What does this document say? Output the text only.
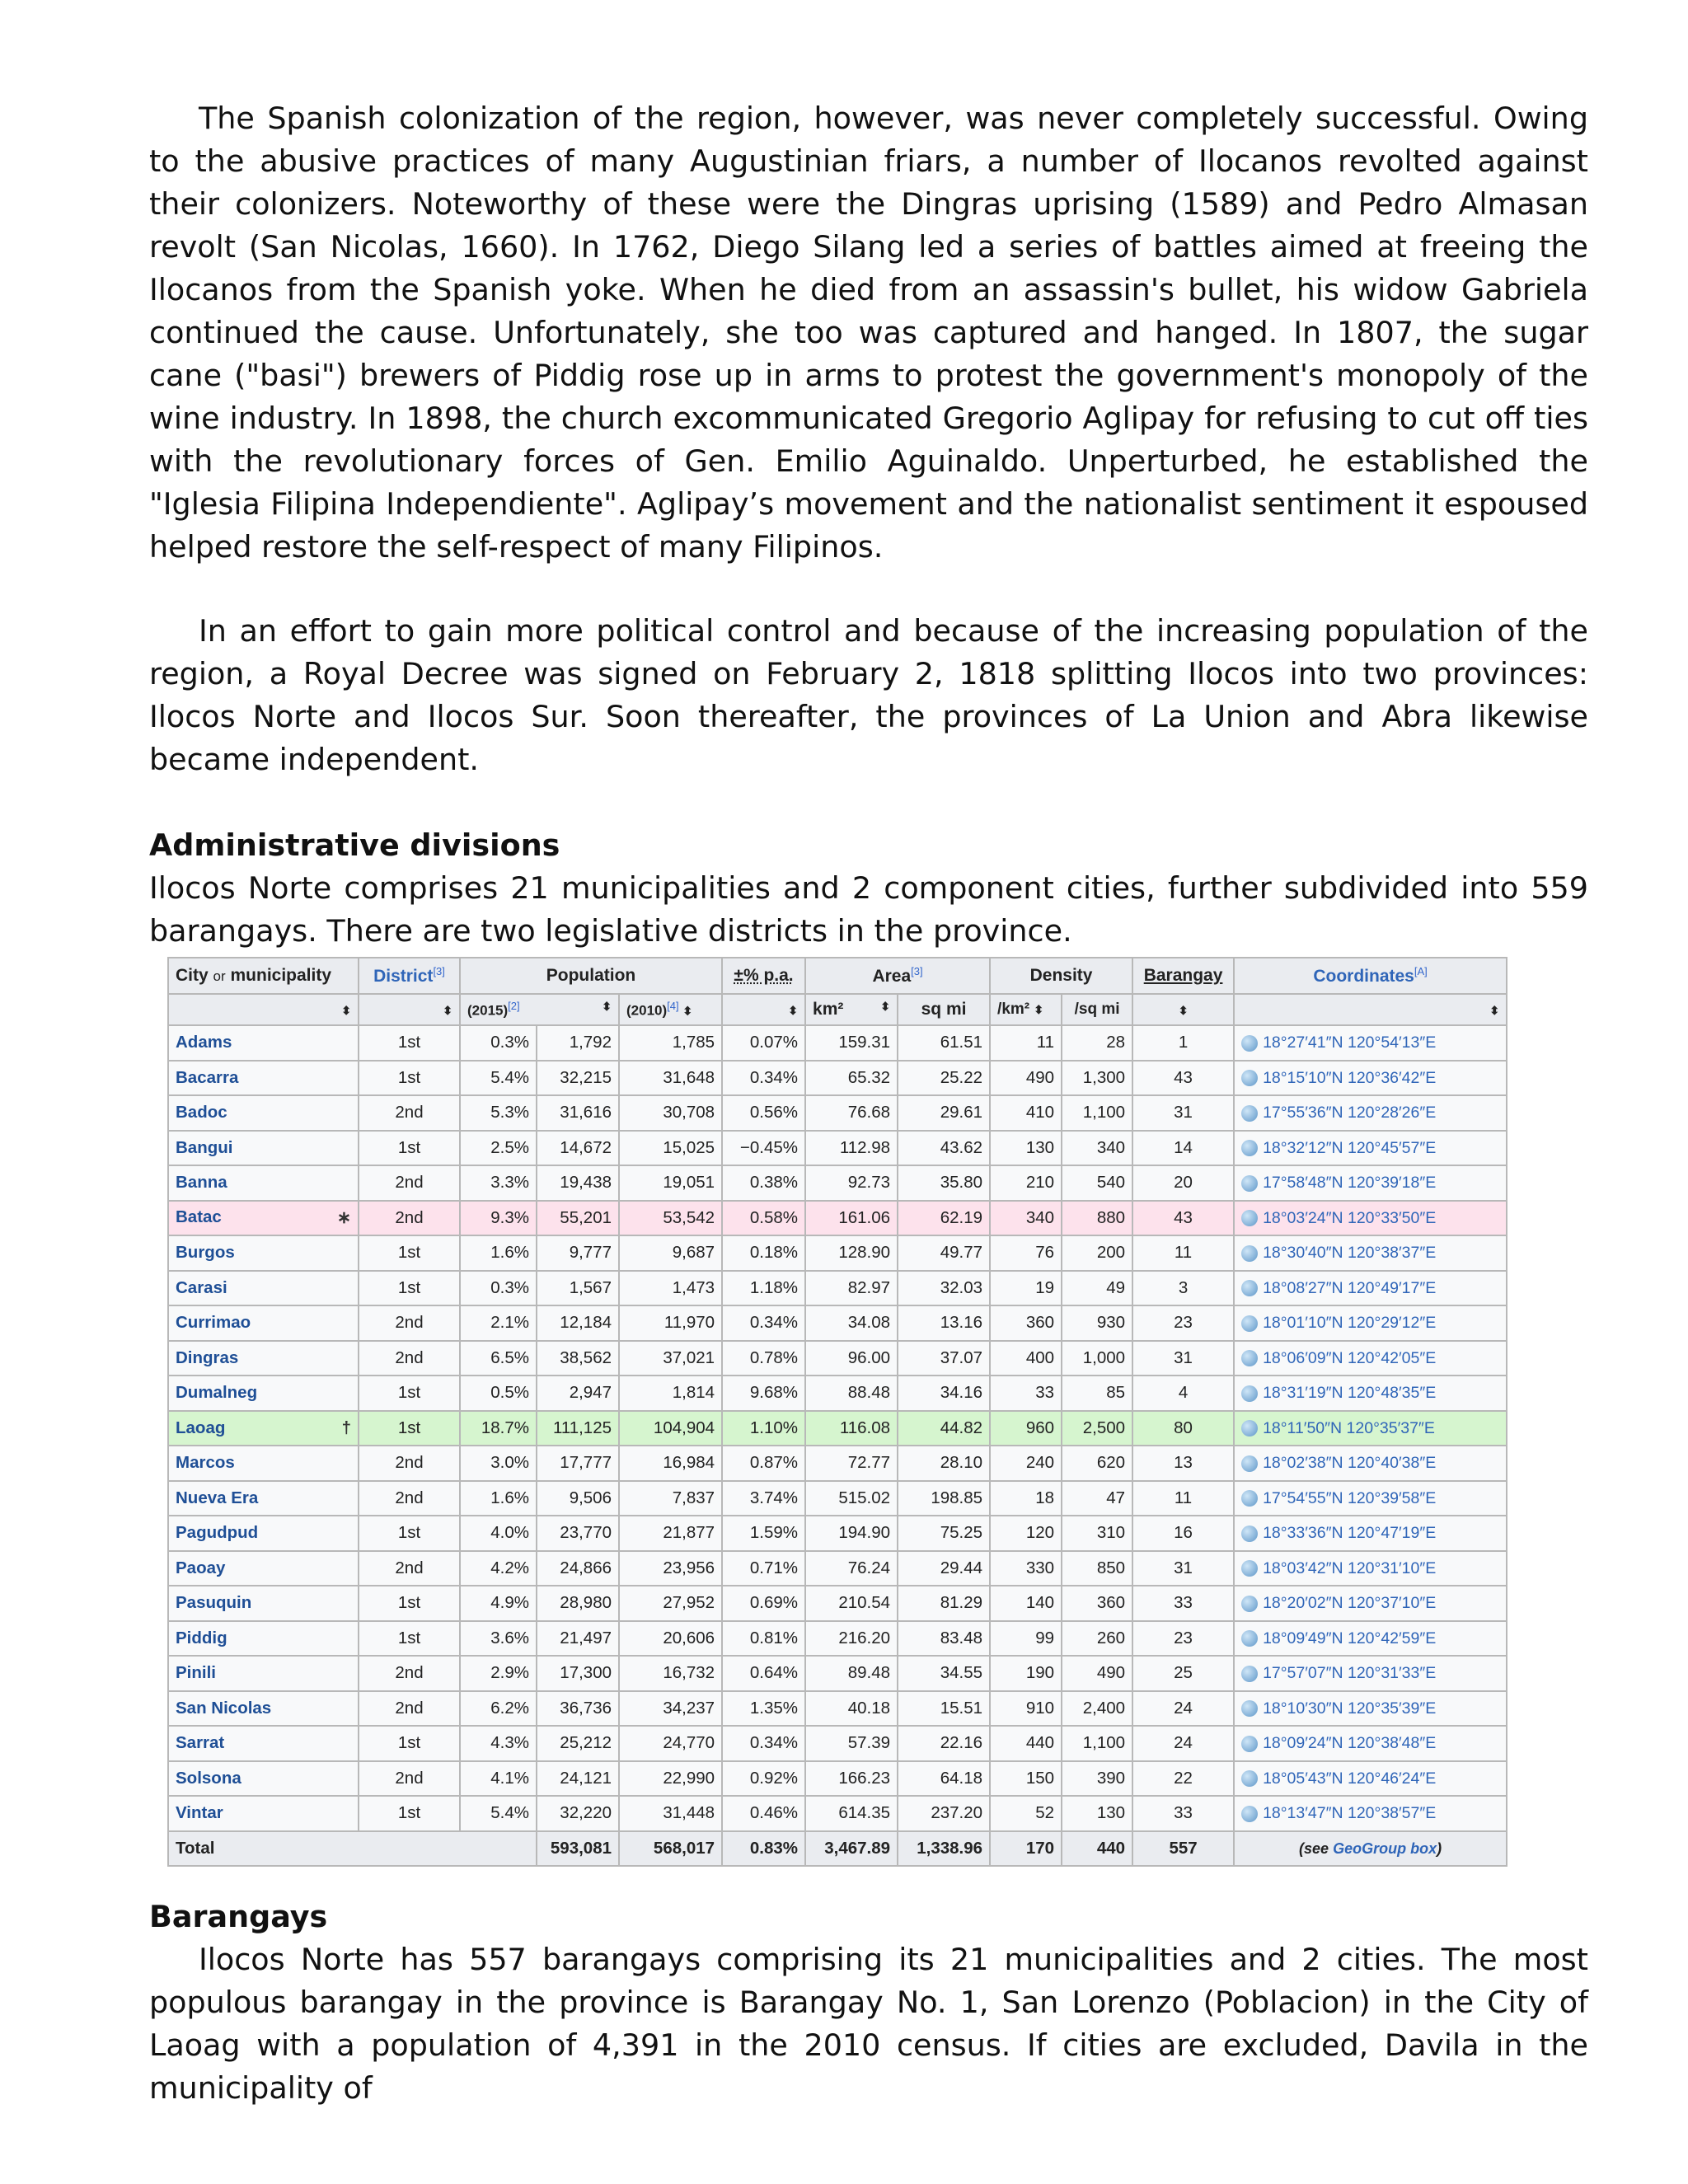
The Spanish colonization of the region, however, was never completely successful. Owing to the abusive practices of many Augustinian friars, a number of Ilocanos revolted against their colonizers. Noteworthy of these were the Dingras uprising (1589) and Pedro Almasan revolt (San Nicolas, 1660). In 1762, Diego Silang led a series of battles aimed at freeing the Ilocanos from the Spanish yoke. When he died from an assassin's bullet, his widow Gabriela continued the cause. Unfortunately, she too was captured and hanged. In 1807, the sugar cane ("basi") brewers of Piddig rose up in arms to protest the government's monopoly of the wine industry. In 1898, the church excommunicated Gregorio Aglipay for refusing to cut off ties with the revolutionary forces of Gen. Emilio Aguinaldo. Unperturbed, he established the "Iglesia Filipina Independiente". Aglipay’s movement and the nationalist sentiment it espoused helped restore the self-respect of many Filipinos.

In an effort to gain more political control and because of the increasing population of the region, a Royal Decree was signed on February 2, 1818 splitting Ilocos into two provinces: Ilocos Norte and Ilocos Sur. Soon thereafter, the provinces of La Union and Abra likewise became independent.

Administrative divisions

Ilocos Norte comprises 21 municipalities and 2 component cities, further subdivided into 559 barangays. There are two legislative districts in the province.

Barangays

Ilocos Norte has 557 barangays comprising its 21 municipalities and 2 cities. The most populous barangay in the province is Barangay No. 1, San Lorenzo (Poblacion) in the City of Laoag with a population of 4,391 in the 2010 census. If cities are excluded, Davila in the municipality of

City or municipality	District[3]	Population			±% p.a.	Area[3]		Density		Barangay	Coordinates[A]
⬍	⬍	(2015)[2] ⬍		(2010)[4] ⬍	⬍	km² ⬍	sq mi	/km² ⬍	/sq mi	⬍	⬍
Adams	1st	0.3%	1,792	1,785	0.07%	159.31	61.51	11	28	1	18°27′41″N 120°54′13″E
Bacarra	1st	5.4%	32,215	31,648	0.34%	65.32	25.22	490	1,300	43	18°15′10″N 120°36′42″E
Badoc	2nd	5.3%	31,616	30,708	0.56%	76.68	29.61	410	1,100	31	17°55′36″N 120°28′26″E
Bangui	1st	2.5%	14,672	15,025	−0.45%	112.98	43.62	130	340	14	18°32′12″N 120°45′57″E
Banna	2nd	3.3%	19,438	19,051	0.38%	92.73	35.80	210	540	20	17°58′48″N 120°39′18″E
Batac ∗	2nd	9.3%	55,201	53,542	0.58%	161.06	62.19	340	880	43	18°03′24″N 120°33′50″E
Burgos	1st	1.6%	9,777	9,687	0.18%	128.90	49.77	76	200	11	18°30′40″N 120°38′37″E
Carasi	1st	0.3%	1,567	1,473	1.18%	82.97	32.03	19	49	3	18°08′27″N 120°49′17″E
Currimao	2nd	2.1%	12,184	11,970	0.34%	34.08	13.16	360	930	23	18°01′10″N 120°29′12″E
Dingras	2nd	6.5%	38,562	37,021	0.78%	96.00	37.07	400	1,000	31	18°06′09″N 120°42′05″E
Dumalneg	1st	0.5%	2,947	1,814	9.68%	88.48	34.16	33	85	4	18°31′19″N 120°48′35″E
Laoag †	1st	18.7%	111,125	104,904	1.10%	116.08	44.82	960	2,500	80	18°11′50″N 120°35′37″E
Marcos	2nd	3.0%	17,777	16,984	0.87%	72.77	28.10	240	620	13	18°02′38″N 120°40′38″E
Nueva Era	2nd	1.6%	9,506	7,837	3.74%	515.02	198.85	18	47	11	17°54′55″N 120°39′58″E
Pagudpud	1st	4.0%	23,770	21,877	1.59%	194.90	75.25	120	310	16	18°33′36″N 120°47′19″E
Paoay	2nd	4.2%	24,866	23,956	0.71%	76.24	29.44	330	850	31	18°03′42″N 120°31′10″E
Pasuquin	1st	4.9%	28,980	27,952	0.69%	210.54	81.29	140	360	33	18°20′02″N 120°37′10″E
Piddig	1st	3.6%	21,497	20,606	0.81%	216.20	83.48	99	260	23	18°09′49″N 120°42′59″E
Pinili	2nd	2.9%	17,300	16,732	0.64%	89.48	34.55	190	490	25	17°57′07″N 120°31′33″E
San Nicolas	2nd	6.2%	36,736	34,237	1.35%	40.18	15.51	910	2,400	24	18°10′30″N 120°35′39″E
Sarrat	1st	4.3%	25,212	24,770	0.34%	57.39	22.16	440	1,100	24	18°09′24″N 120°38′48″E
Solsona	2nd	4.1%	24,121	22,990	0.92%	166.23	64.18	150	390	22	18°05′43″N 120°46′24″E
Vintar	1st	5.4%	32,220	31,448	0.46%	614.35	237.20	52	130	33	18°13′47″N 120°38′57″E
Total			593,081	568,017	0.83%	3,467.89	1,338.96	170	440	557	(see GeoGroup box)
